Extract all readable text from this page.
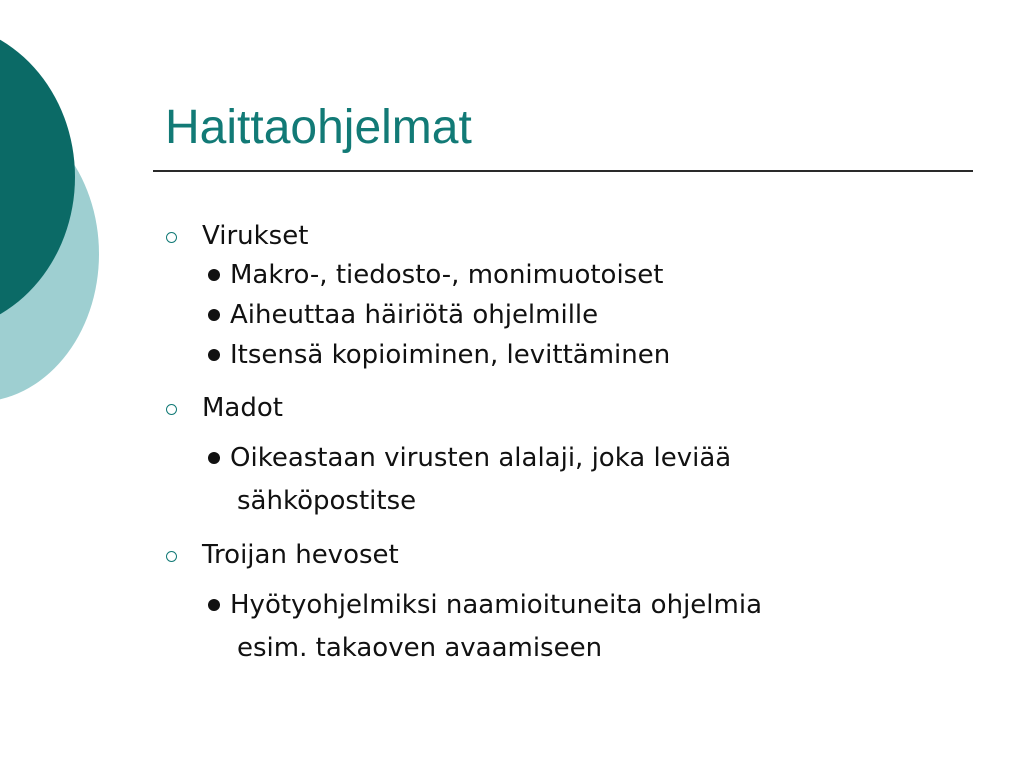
Haittaohjelmat
Virukset
Makro-, tiedosto-, monimuotoiset
Aiheuttaa häiriötä ohjelmille
Itsensä kopioiminen, levittäminen
Madot
Oikeastaan virusten alalaji, joka leviää
sähköpostitse
Troijan hevoset
Hyötyohjelmiksi naamioituneita ohjelmia
esim. takaoven avaamiseen
